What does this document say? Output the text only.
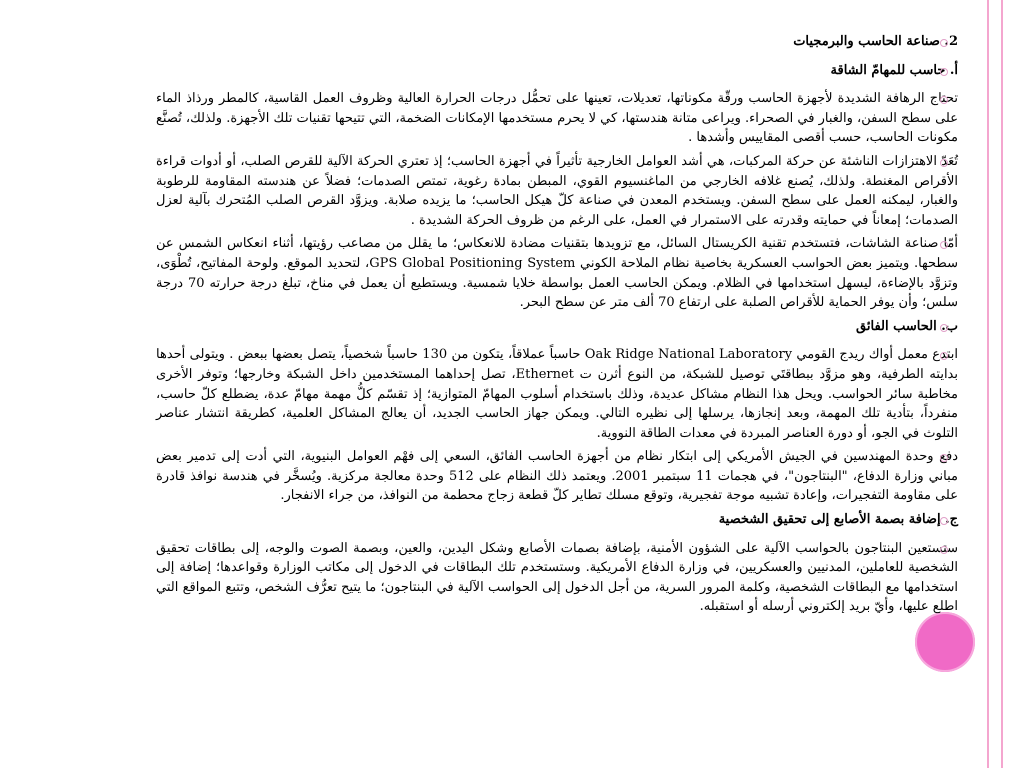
2. صناعة الحاسب والبرمجيات
أ. حاسب للمهامّ الشاقة
تحتاج الرهافة الشديدة لأجهزة الحاسب ورقّة مكوناتها، تعديلات، تعينها على تحمُّل درجات الحرارة العالية وظروف العمل القاسية، كالمطر ورذاذ الماء على سطح السفن، والغبار في الصحراء. ويراعى متانة هندستها، كي لا يحرم مستخدمها الإمكانات الضخمة، التي تتيحها تقنيات تلك الأجهزة. ولذلك، تُصنَّع مكونات الحاسب، حسب أقصى المقاييس وأشدها .
تُعَدّ الاهتزازات الناشئة عن حركة المركبات، هي أشد العوامل الخارجية تأثيراً في أجهزة الحاسب؛ إذ تعتري الحركة الآلية للقرص الصلب، أو أدوات قراءة الأقراص المغنطة. ولذلك، يُصنع غلافه الخارجي من الماغنسيوم القوي، المبطن بمادة رغوية، تمتص الصدمات؛ فضلاً عن هندسته المقاومة للرطوبة والغبار، ليمكنه العمل على سطح السفن. ويستخدم المعدن في صناعة كلّ هيكل الحاسب؛ ما يزيده صلابة. ويزوَّد القرص الصلب المُتحرك بآلية لعزل الصدمات؛ إمعاناً في حمايته وقدرته على الاستمرار في العمل، على الرغم من ظروف الحركة الشديدة .
أمّا صناعة الشاشات، فتستخدم تقنية الكريستال السائل، مع تزويدها بتقنيات مضادة للانعكاس؛ ما يقلل من مصاعب رؤيتها، أثناء انعكاس الشمس عن سطحها. ويتميز بعض الحواسب العسكرية بخاصية نظام الملاحة الكوني GPS Global Positioning System، لتحديد الموقع. ولوحة المفاتيح، تُطْوَى، وتزوَّد بالإضاءة، ليسهل استخدامها في الظلام. ويمكن الحاسب العمل بواسطة خلايا شمسية. ويستطيع أن يعمل في مناخ، تبلغ درجة حرارته 70 درجة سلس؛ وأن يوفر الحماية للأقراص الصلبة على ارتفاع 70 ألف متر عن سطح البحر.
ب. الحاسب الفائق
ابتدع معمل أواك ريدج القومي Oak Ridge National Laboratory حاسباً عملاقاً، يتكون من 130 حاسباً شخصياً، يتصل بعضها ببعض . ويتولى أحدها بدايته الطرفية، وهو مزوَّد ببطاقتَي توصيل للشبكة، من النوع أثرن ت Ethernet، تصل إحداهما المستخدمين داخل الشبكة وخارجها؛ وتوفر الأخرى مخاطبة سائر الحواسب. ويحل هذا النظام مشاكل عديدة، وذلك باستخدام أسلوب المهامّ المتوازية؛ إذ تقسّم كلُّ مهمة مهامّ عدة، يضطلع كلّ حاسب، منفرداً، بتأدية تلك المهمة، وبعد إنجازها، يرسلها إلى نظيره التالي. ويمكن جهاز الحاسب الجديد، أن يعالج المشاكل العلمية، كطريقة انتشار عناصر التلوث في الجو، أو دورة العناصر المبردة في معدات الطاقة النووية.
دفع وحدة المهندسين في الجيش الأمريكي إلى ابتكار نظام من أجهزة الحاسب الفائق، السعي إلى فهْم العوامل البنيوية، التي أدت إلى تدمير بعض مباني وزارة الدفاع، "البنتاجون"، في هجمات 11 سبتمبر 2001. ويعتمد ذلك النظام على 512 وحدة معالجة مركزية. ويُسخَّر في هندسة نوافذ قادرة على مقاومة التفجيرات، وإعادة تشبيه موجة تفجيرية، وتوقع مسلك تطاير كلّ قطعة زجاج محطمة من النوافذ، من جراء الانفجار.
ج. إضافة بصمة الأصابع إلى تحقيق الشخصية
ستستعين البنتاجون بالحواسب الآلية على الشؤون الأمنية، بإضافة بصمات الأصابع وشكل اليدين، والعين، وبصمة الصوت والوجه، إلى بطاقات تحقيق الشخصية للعاملين، المدنيين والعسكريين، في وزارة الدفاع الأمريكية. وستستخدم تلك البطاقات في الدخول إلى مكاتب الوزارة وقواعدها؛ إضافة إلى استخدامها مع البطاقات الشخصية، وكلمة المرور السرية، من أجل الدخول إلى الحواسب الآلية في البنتاجون؛ ما يتيح تعرُّف الشخص، وتتبع المواقع التي اطلع عليها، وأيّ بريد إلكتروني أرسله أو استقبله.
